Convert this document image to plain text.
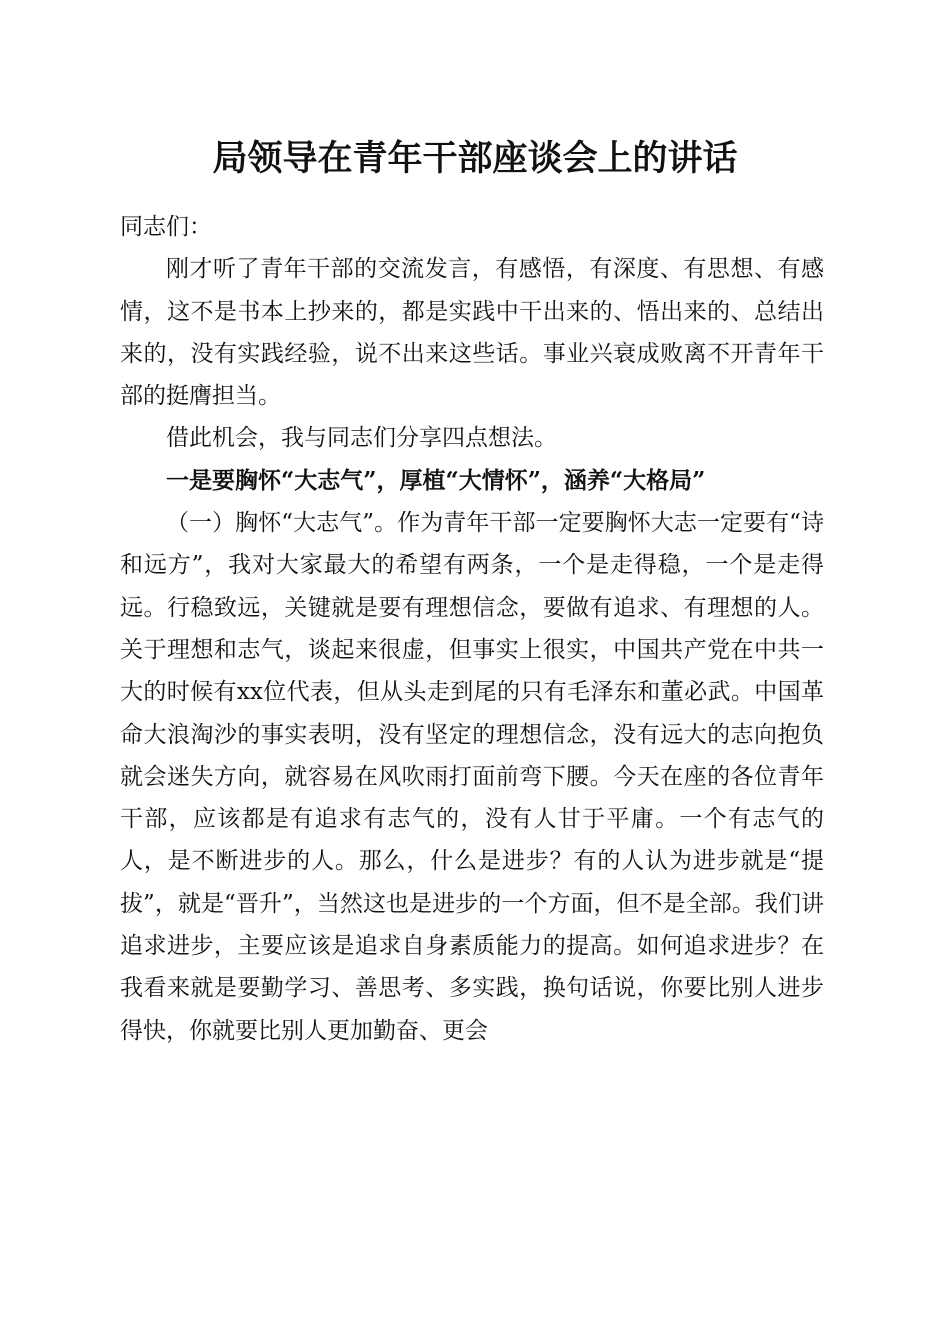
局领导在青年干部座谈会上的讲话

同志们：

刚才听了青年干部的交流发言，有感悟，有深度、有思想、有感情，这不是书本上抄来的，都是实践中干出来的、悟出来的、总结出来的，没有实践经验，说不出来这些话。事业兴衰成败离不开青年干部的挺膺担当。

借此机会，我与同志们分享四点想法。

一是要胸怀“大志气”，厚植“大情怀”，涵养“大格局”

（一）胸怀“大志气”。作为青年干部一定要胸怀大志一定要有“诗和远方”，我对大家最大的希望有两条，一个是走得稳，一个是走得远。行稳致远，关键就是要有理想信念，要做有追求、有理想的人。关于理想和志气，谈起来很虚，但事实上很实，中国共产党在中共一大的时候有xx位代表，但从头走到尾的只有毛泽东和董必武。中国革命大浪淘沙的事实表明，没有坚定的理想信念，没有远大的志向抱负就会迷失方向，就容易在风吹雨打面前弯下腰。今天在座的各位青年干部，应该都是有追求有志气的，没有人甘于平庸。一个有志气的人，是不断进步的人。那么，什么是进步？有的人认为进步就是“提拔”，就是“晋升”，当然这也是进步的一个方面，但不是全部。我们讲追求进步，主要应该是追求自身素质能力的提高。如何追求进步？在我看来就是要勤学习、善思考、多实践，换句话说，你要比别人进步得快，你就要比别人更加勤奋、更会
